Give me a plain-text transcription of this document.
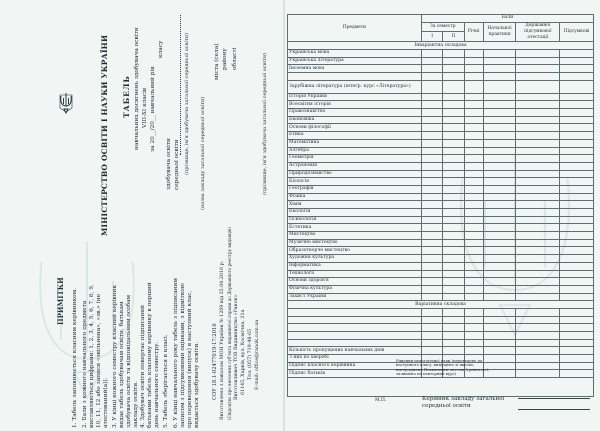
МІНІСТЕРСТВО ОСВІТИ І НАУКИ УКРАЇНИ ТАБЕЛЬ навчальних досягнень здобувача освіти VIII-XI класів за 20__/20__ навчальний рік
класу
здобувача освіти середньої освіти (прізвище, ім'я здобувача загальної середньої освіти) (назва закладу загальної середньої освіти)
міста (села) району області	(прізвище, ім'я здобувача загальної середньої освіти)
ПРИМІТКИ 1. Табель заповнюється класним керівником. 2. Бали з кожного навчального предмета виставляються цифрами: 1, 2, 3, 4, 5, 6, 7, 8, 9, 10, 11, 12 або записи «звільнена», «зв.» (не атестований(а)). 3. У кінці кожного семестру класний керівник видає табель здобувачам освіти, батькам здобувача освіти та відповідальним особам закладу освіти. 4. Здобувач освіти повертає підписаний батьками табель класному керівнику в перший день навчального семестру. 5. Табель зберігається в класі. 6. У кінці навчального року табель з підписаним записом з підсумковими оцінками, з відміткою про переведення (випуск) в наступний клас, видається здобувачу освіти. СОУ 18.1-02477019-17:2016 Виготовлено з наказом МОН України № 1269 від 25.04.2016 р. (Свідоцтво про внесення суб'єкта видавничої справи до Державного реєстру видавців) Виготовлювач ТОВ Видавництво «Ранок» 61145, Харків, вул. Космічна, 21а Тел. (057) 719-48-65 E-mail: office@ranok.com.ua
Предмети	Бали					
	За семестр		Річні	Начальної практики	Державної підсумкової атестації	Підсумкові
	І	ІІ				
Інваріантна складова						
Українська мова						
Українська література						
Іноземна мова						

Зарубіжна література (інтегр. курс «Література»)						
Історія України						
Всесвітня історія						
Правознавство						
Економіка						
Основи філософії						
Етика						
Математика						
Алгебра						
Геометрія						
Астрономія						
Природознавство						
Біологія						
Географія						
Фізика						
Хімія						
Екологія						
Психологія						
Естетика						
Мистецтво						
Музичне мистецтво						
Образотворче мистецтво						
Художня культура						
Інформатика						
Технології						
Основи здоров'я						
Фізична культура						
Захист України						
Варіативна складова						

Кількість пропущених навчальних днів						
З них по хворобі						
Підпис класного керівника						
Підпис батьків						

Рішення педагогічної ради (переведено до наступного класу, випущено зі школи, нагороджено Похвальним листом (грамотою), залишено на повторний курс)
М.П.	Керівник закладу загальної
середньої освіти
